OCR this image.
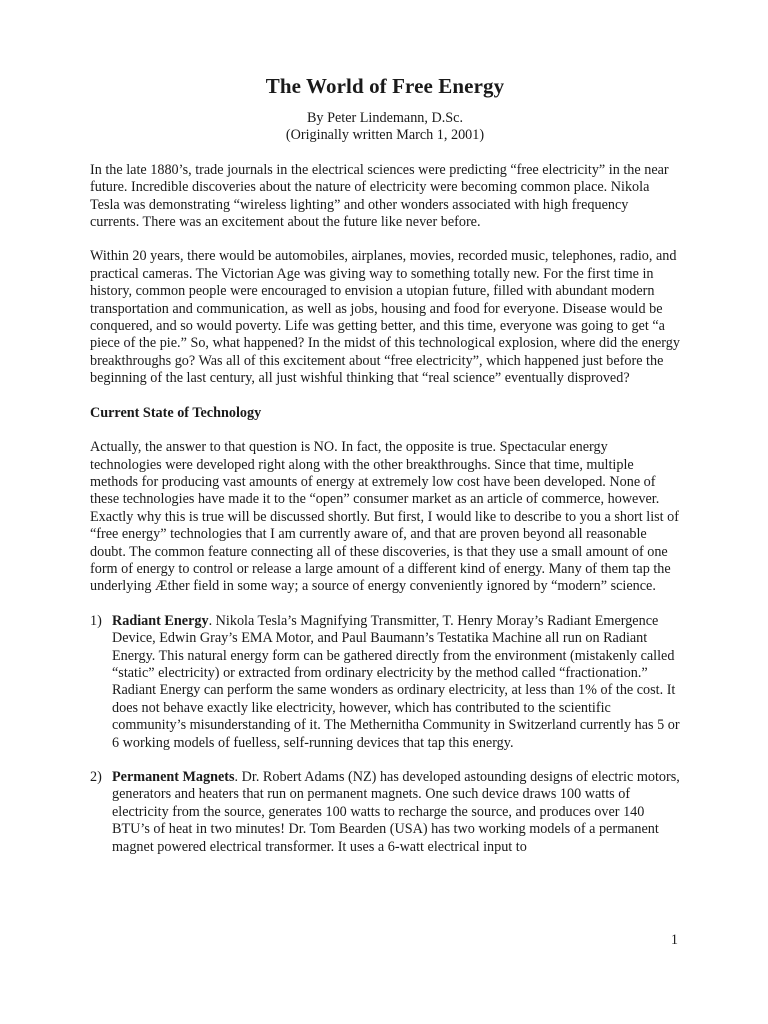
The World of Free Energy
By Peter Lindemann, D.Sc.
(Originally written March 1, 2001)

In the late 1880’s, trade journals in the electrical sciences were predicting “free electricity” in the near future. Incredible discoveries about the nature of electricity were becoming common place. Nikola Tesla was demonstrating “wireless lighting” and other wonders associated with high frequency currents. There was an excitement about the future like never before.

Within 20 years, there would be automobiles, airplanes, movies, recorded music, telephones, radio, and practical cameras. The Victorian Age was giving way to something totally new. For the first time in history, common people were encouraged to envision a utopian future, filled with abundant modern transportation and communication, as well as jobs, housing and food for everyone. Disease would be conquered, and so would poverty. Life was getting better, and this time, everyone was going to get “a piece of the pie.” So, what happened? In the midst of this technological explosion, where did the energy breakthroughs go? Was all of this excitement about “free electricity”, which happened just before the beginning of the last century, all just wishful thinking that “real science” eventually disproved?

Current State of Technology

Actually, the answer to that question is NO. In fact, the opposite is true. Spectacular energy technologies were developed right along with the other breakthroughs. Since that time, multiple methods for producing vast amounts of energy at extremely low cost have been developed. None of these technologies have made it to the “open” consumer market as an article of commerce, however. Exactly why this is true will be discussed shortly. But first, I would like to describe to you a short list of “free energy” technologies that I am currently aware of, and that are proven beyond all reasonable doubt. The common feature connecting all of these discoveries, is that they use a small amount of one form of energy to control or release a large amount of a different kind of energy. Many of them tap the underlying Æther field in some way; a source of energy conveniently ignored by “modern” science.

1) Radiant Energy. Nikola Tesla’s Magnifying Transmitter, T. Henry Moray’s Radiant Emergence Device, Edwin Gray’s EMA Motor, and Paul Baumann’s Testatika Machine all run on Radiant Energy. This natural energy form can be gathered directly from the environment (mistakenly called “static” electricity) or extracted from ordinary electricity by the method called “fractionation.” Radiant Energy can perform the same wonders as ordinary electricity, at less than 1% of the cost. It does not behave exactly like electricity, however, which has contributed to the scientific community’s misunderstanding of it. The Methernitha Community in Switzerland currently has 5 or 6 working models of fuelless, self-running devices that tap this energy.
2) Permanent Magnets. Dr. Robert Adams (NZ) has developed astounding designs of electric motors, generators and heaters that run on permanent magnets. One such device draws 100 watts of electricity from the source, generates 100 watts to recharge the source, and produces over 140 BTU’s of heat in two minutes! Dr. Tom Bearden (USA) has two working models of a permanent magnet powered electrical transformer. It uses a 6-watt electrical input to
1
